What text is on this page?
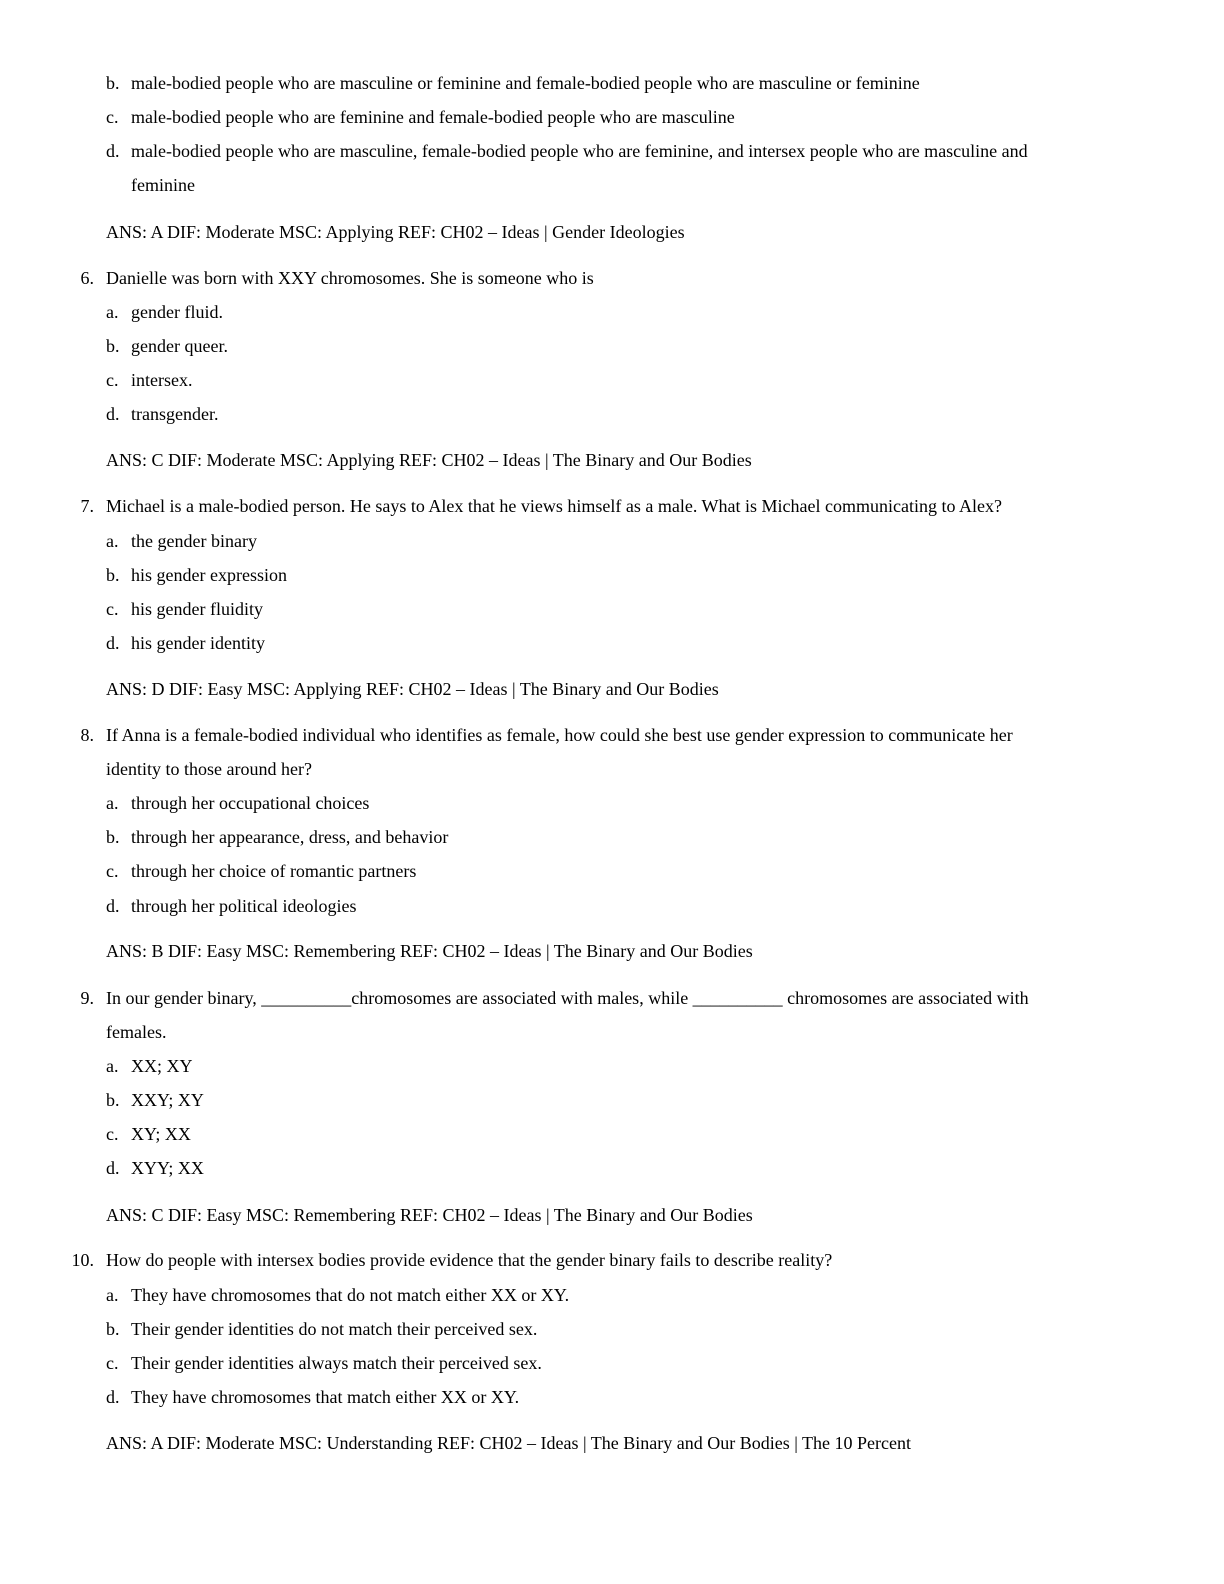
b. male-bodied people who are masculine or feminine and female-bodied people who are masculine or feminine
c. male-bodied people who are feminine and female-bodied people who are masculine
d. male-bodied people who are masculine, female-bodied people who are feminine, and intersex people who are masculine and
feminine
ANS: A DIF: Moderate MSC: Applying REF: CH02 – Ideas | Gender Ideologies
6. Danielle was born with XXY chromosomes. She is someone who is
a. gender fluid.
b. gender queer.
c. intersex.
d. transgender.
ANS: C DIF: Moderate MSC: Applying REF: CH02 – Ideas | The Binary and Our Bodies
7. Michael is a male-bodied person. He says to Alex that he views himself as a male. What is Michael communicating to Alex?
a. the gender binary
b. his gender expression
c. his gender fluidity
d. his gender identity
ANS: D DIF: Easy MSC: Applying REF: CH02 – Ideas | The Binary and Our Bodies
8. If Anna is a female-bodied individual who identifies as female, how could she best use gender expression to communicate her
identity to those around her?
a. through her occupational choices
b. through her appearance, dress, and behavior
c. through her choice of romantic partners
d. through her political ideologies
ANS: B DIF: Easy MSC: Remembering REF: CH02 – Ideas | The Binary and Our Bodies
9. In our gender binary, __________chromosomes are associated with males, while __________ chromosomes are associated with
females.
a. XX; XY
b. XXY; XY
c. XY; XX
d. XYY; XX
ANS: C DIF: Easy MSC: Remembering REF: CH02 – Ideas | The Binary and Our Bodies
10. How do people with intersex bodies provide evidence that the gender binary fails to describe reality?
a. They have chromosomes that do not match either XX or XY.
b. Their gender identities do not match their perceived sex.
c. Their gender identities always match their perceived sex.
d. They have chromosomes that match either XX or XY.
ANS: A DIF: Moderate MSC: Understanding REF: CH02 – Ideas | The Binary and Our Bodies | The 10 Percent
